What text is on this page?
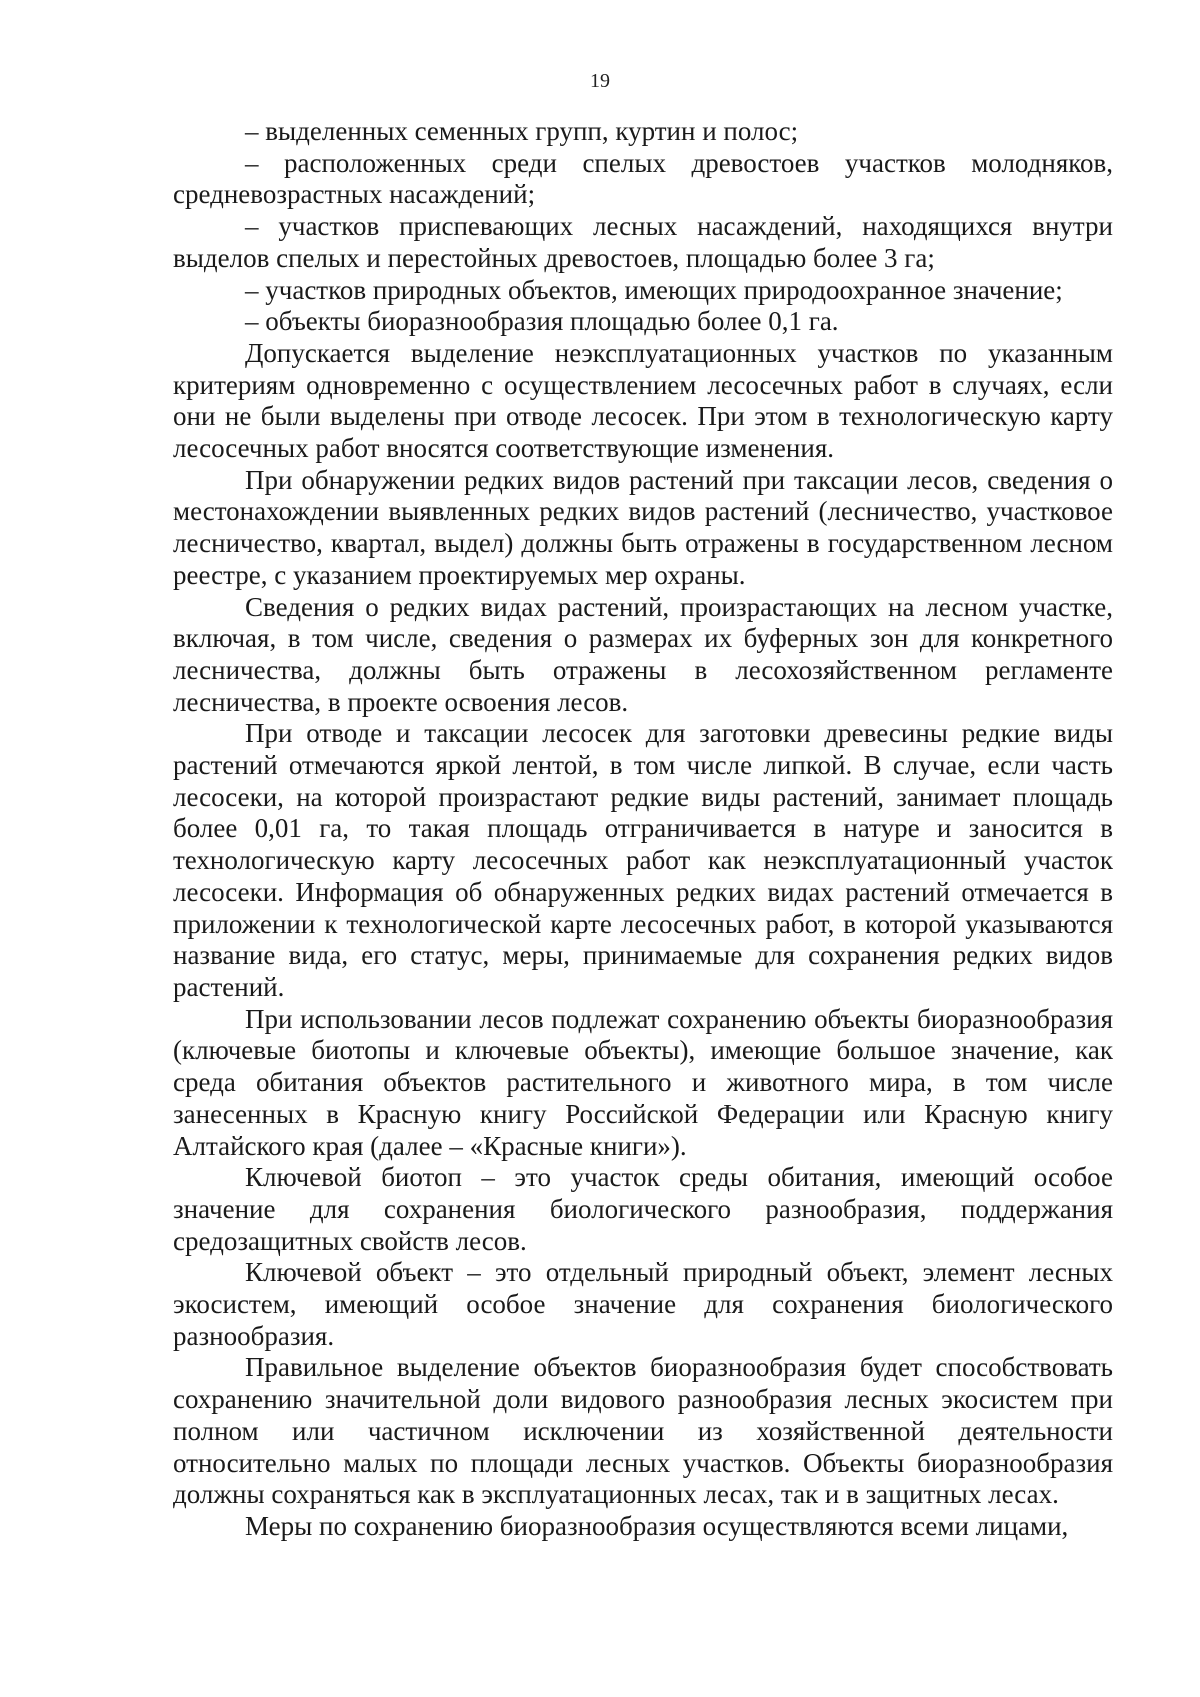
19

– выделенных семенных групп, куртин и полос;

– расположенных среди спелых древостоев участков молодняков, средневозрастных насаждений;

– участков приспевающих лесных насаждений, находящихся внутри выделов спелых и перестойных древостоев, площадью более 3 га;

– участков природных объектов, имеющих природоохранное значение;

– объекты биоразнообразия площадью более 0,1 га.

Допускается выделение неэксплуатационных участков по указанным критериям одновременно с осуществлением лесосечных работ в случаях, если они не были выделены при отводе лесосек. При этом в технологическую карту лесосечных работ вносятся соответствующие изменения.

При обнаружении редких видов растений при таксации лесов, сведения о местонахождении выявленных редких видов растений (лесничество, участковое лесничество, квартал, выдел) должны быть отражены в государственном лесном реестре, с указанием проектируемых мер охраны.

Сведения о редких видах растений, произрастающих на лесном участке, включая, в том числе, сведения о размерах их буферных зон для конкретного лесничества, должны быть отражены в лесохозяйственном регламенте лесничества, в проекте освоения лесов.

При отводе и таксации лесосек для заготовки древесины редкие виды растений отмечаются яркой лентой, в том числе липкой. В случае, если часть лесосеки, на которой произрастают редкие виды растений, занимает площадь более 0,01 га, то такая площадь отграничивается в натуре и заносится в технологическую карту лесосечных работ как неэксплуатационный участок лесосеки. Информация об обнаруженных редких видах растений отмечается в приложении к технологической карте лесосечных работ, в которой указываются название вида, его статус, меры, принимаемые для сохранения редких видов растений.

При использовании лесов подлежат сохранению объекты биоразнообразия (ключевые биотопы и ключевые объекты), имеющие большое значение, как среда обитания объектов растительного и животного мира, в том числе занесенных в Красную книгу Российской Федерации или Красную книгу Алтайского края (далее – «Красные книги»).

Ключевой биотоп – это участок среды обитания, имеющий особое значение для сохранения биологического разнообразия, поддержания средозащитных свойств лесов.

Ключевой объект – это отдельный природный объект, элемент лесных экосистем, имеющий особое значение для сохранения биологического разнообразия.

Правильное выделение объектов биоразнообразия будет способствовать сохранению значительной доли видового разнообразия лесных экосистем при полном или частичном исключении из хозяйственной деятельности относительно малых по площади лесных участков. Объекты биоразнообразия должны сохраняться как в эксплуатационных лесах, так и в защитных лесах.

Меры по сохранению биоразнообразия осуществляются всеми лицами,
